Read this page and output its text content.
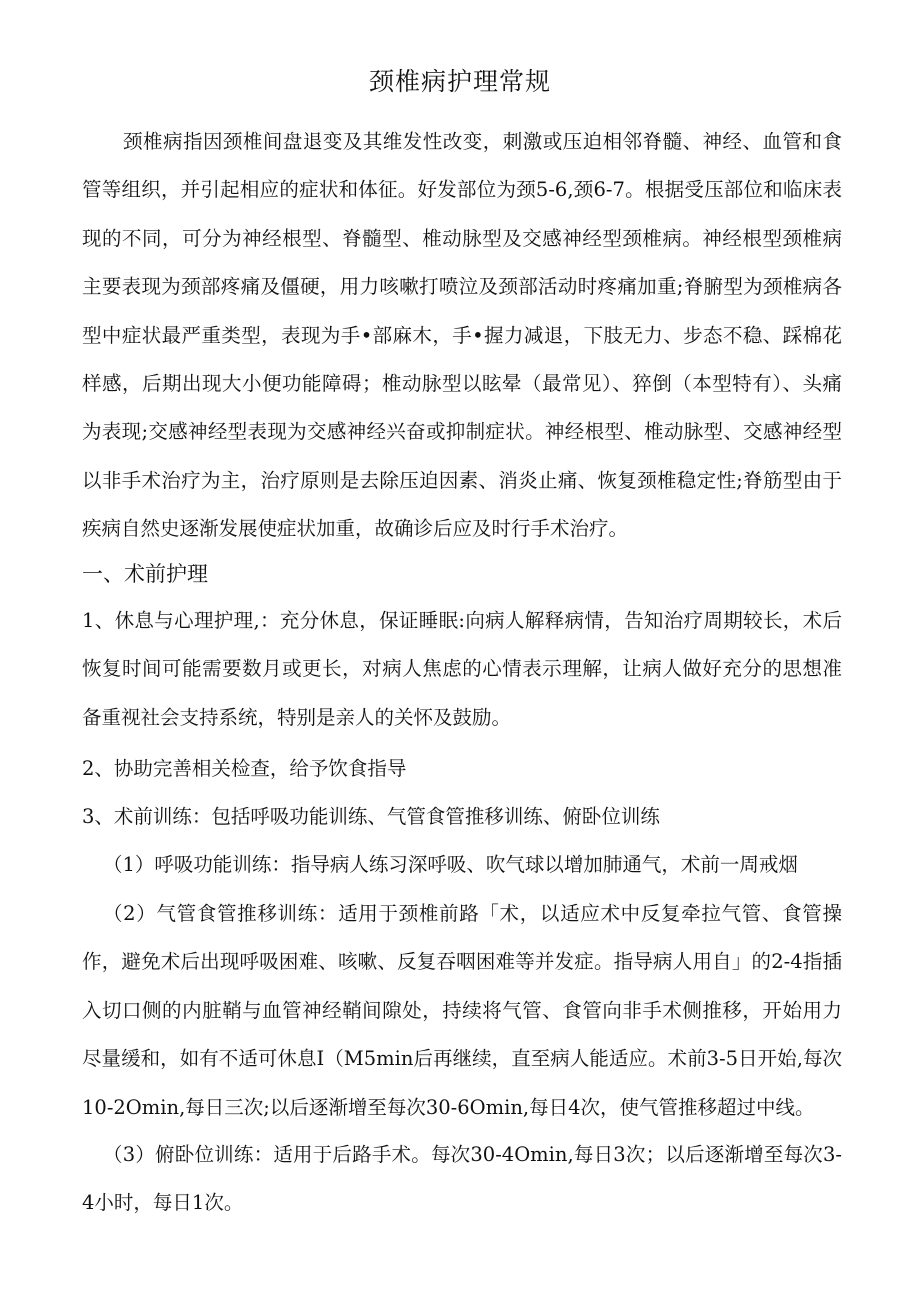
颈椎病护理常规

颈椎病指因颈椎间盘退变及其维发性改变，刺激或压迫相邻脊髓、神经、血管和食管等组织，并引起相应的症状和体征。好发部位为颈5-6,颈6-7。根据受压部位和临床表现的不同，可分为神经根型、脊髓型、椎动脉型及交感神经型颈椎病。神经根型颈椎病主要表现为颈部疼痛及僵硬，用力咳嗽打喷泣及颈部活动时疼痛加重;脊腑型为颈椎病各型中症状最严重类型，表现为手•部麻木，手•握力减退，下肢无力、步态不稳、踩棉花样感，后期出现大小便功能障碍；椎动脉型以眩晕（最常见）、猝倒（本型特有）、头痛为表现;交感神经型表现为交感神经兴奋或抑制症状。神经根型、椎动脉型、交感神经型以非手术治疗为主，治疗原则是去除压迫因素、消炎止痛、恢复颈椎稳定性;脊筋型由于疾病自然史逐渐发展使症状加重，故确诊后应及时行手术治疗。

一、术前护理

1、休息与心理护理,：充分休息，保证睡眠:向病人解释病情，告知治疗周期较长，术后恢复时间可能需要数月或更长，对病人焦虑的心情表示理解，让病人做好充分的思想准备重视社会支持系统，特别是亲人的关怀及鼓励。

2、协助完善相关检查，给予饮食指导

3、术前训练：包括呼吸功能训练、气管食管推移训练、俯卧位训练

（1）呼吸功能训练：指导病人练习深呼吸、吹气球以增加肺通气，术前一周戒烟

（2）气管食管推移训练：适用于颈椎前路「术，以适应术中反复牵拉气管、食管操作，避免术后出现呼吸困难、咳嗽、反复吞咽困难等并发症。指导病人用自」的2-4指插入切口侧的内脏鞘与血管神经鞘间隙处，持续将气管、食管向非手术侧推移，开始用力尽量缓和，如有不适可休息I（M5min后再继续，直至病人能适应。术前3-5日开始,每次10-2Omin,每日三次;以后逐渐增至每次30-6Omin,每日4次，使气管推移超过中线。

（3）俯卧位训练：适用于后路手术。每次30-4Omin,每日3次；以后逐渐增至每次3-4小时，每日1次。
